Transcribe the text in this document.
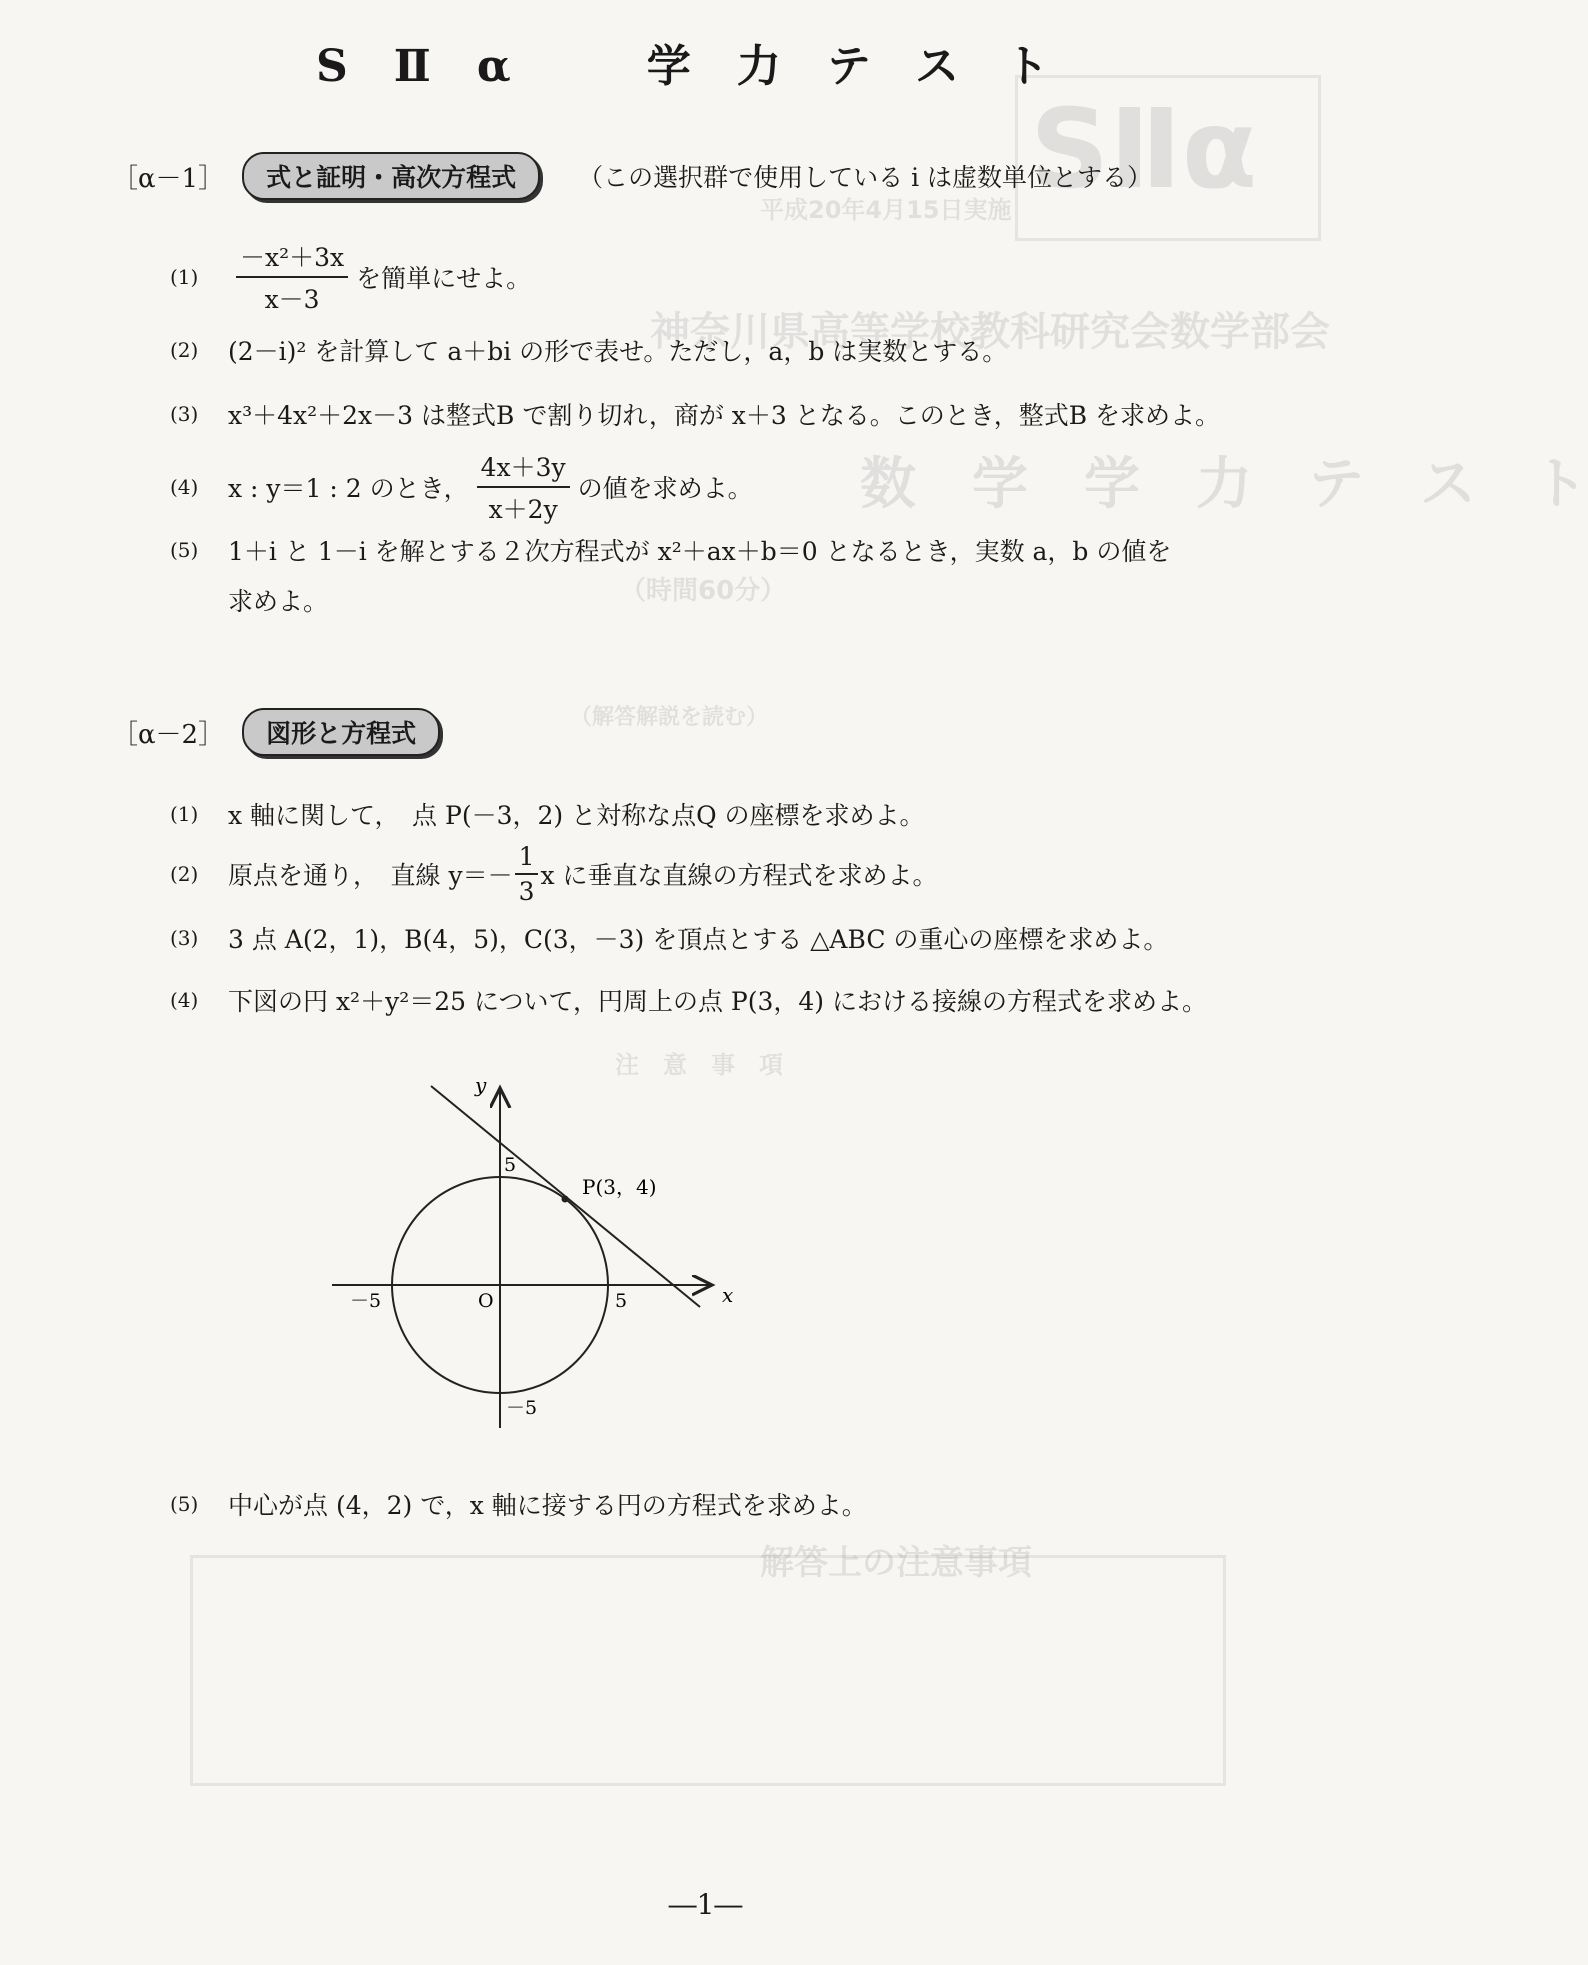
SⅡα
平成20年4月15日実施
神奈川県高等学校教科研究会数学部会
数　学　学　力　テ　ス　ト
（時間60分）
（解答解説を読む）
注　意　事　項
解答上の注意事項
SⅡα　学力テスト
［α－1］	式と証明・高次方程式	（この選択群で使用している i は虚数単位とする）
(1)	$\frac{\text{－x²＋3x}}{x-3}$ を簡単にせよ。
(2)	(2－i)² を計算して a＋bi の形で表せ。ただし，a，b は実数とする。
(3)	x³＋4x²＋2x－3 は整式B で割り切れ，商が x＋3 となる。このとき，整式B を求めよ。
(4)	x : y＝1 : 2 のとき， $\frac{4x+3y}{x+2y}$ の値を求めよ。
(5)	1＋i と 1－i を解とする２次方程式が x²＋ax＋b＝0 となるとき，実数 a，b の値を
求めよ。
［α－2］	図形と方程式
(1)	x 軸に関して，　点 P(－3，2) と対称な点Q の座標を求めよ。
(2)	原点を通り，　直線 $y=- \frac{1}{3}$ x に垂直な直線の方程式を求めよ。
(3)	3 点 A(2，1)，B(4，5)，C(3，－3) を頂点とする △ABC の重心の座標を求めよ。
(4)	下図の円 x²＋y²＝25 について，円周上の点 P(3，4) における接線の方程式を求めよ。
P(3，4)
x
y
O	5
－5
5
－5
(5)	中心が点 (4，2) で，x 軸に接する円の方程式を求めよ。
―1―
